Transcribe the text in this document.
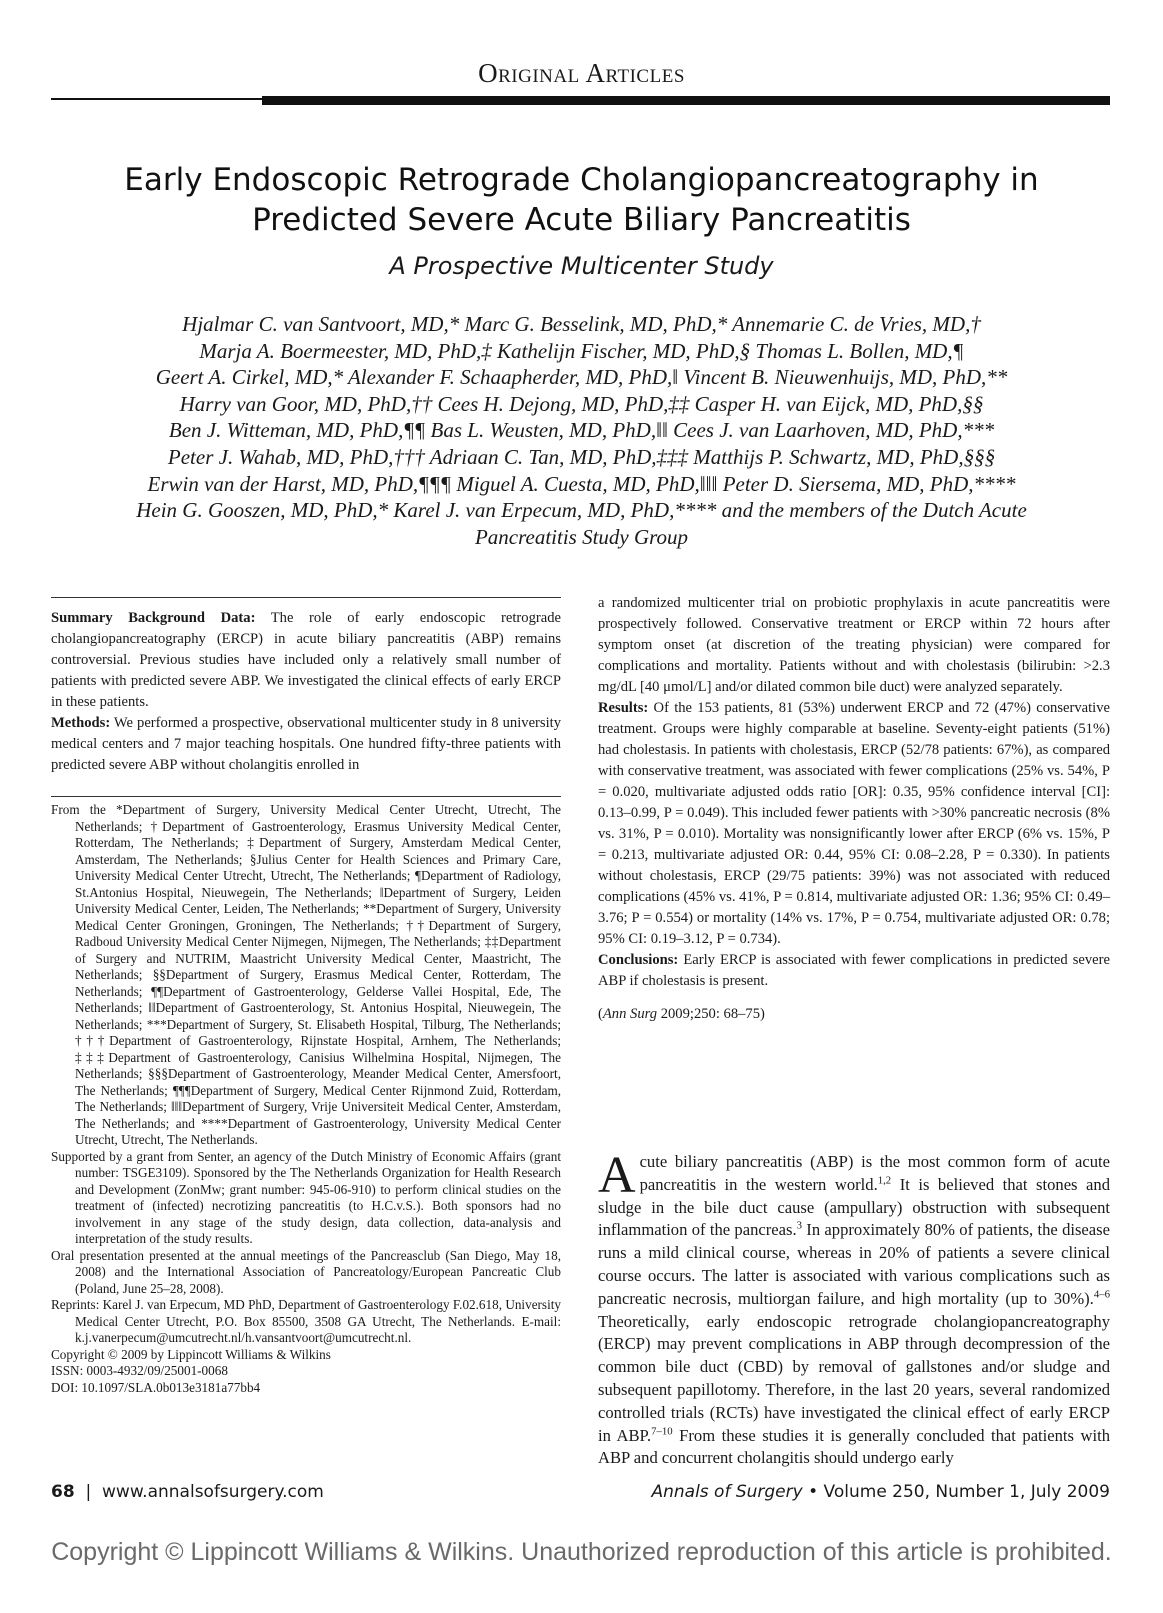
Original Articles
Early Endoscopic Retrograde Cholangiopancreatography in
Predicted Severe Acute Biliary Pancreatitis
A Prospective Multicenter Study
Hjalmar C. van Santvoort, MD,* Marc G. Besselink, MD, PhD,* Annemarie C. de Vries, MD,†
Marja A. Boermeester, MD, PhD,‡ Kathelijn Fischer, MD, PhD,§ Thomas L. Bollen, MD,¶
Geert A. Cirkel, MD,* Alexander F. Schaapherder, MD, PhD,‖ Vincent B. Nieuwenhuijs, MD, PhD,**
Harry van Goor, MD, PhD,†† Cees H. Dejong, MD, PhD,‡‡ Casper H. van Eijck, MD, PhD,§§
Ben J. Witteman, MD, PhD,¶¶ Bas L. Weusten, MD, PhD,‖‖ Cees J. van Laarhoven, MD, PhD,***
Peter J. Wahab, MD, PhD,††† Adriaan C. Tan, MD, PhD,‡‡‡ Matthijs P. Schwartz, MD, PhD,§§§
Erwin van der Harst, MD, PhD,¶¶¶ Miguel A. Cuesta, MD, PhD,‖‖‖ Peter D. Siersema, MD, PhD,****
Hein G. Gooszen, MD, PhD,* Karel J. van Erpecum, MD, PhD,**** and the members of the Dutch Acute
Pancreatitis Study Group

Summary Background Data: The role of early endoscopic retrograde cholangiopancreatography (ERCP) in acute biliary pancreatitis (ABP) remains controversial. Previous studies have included only a relatively small number of patients with predicted severe ABP. We investigated the clinical effects of early ERCP in these patients.

Methods: We performed a prospective, observational multicenter study in 8 university medical centers and 7 major teaching hospitals. One hundred fifty-three patients with predicted severe ABP without cholangitis enrolled in

a randomized multicenter trial on probiotic prophylaxis in acute pancreatitis were prospectively followed. Conservative treatment or ERCP within 72 hours after symptom onset (at discretion of the treating physician) were compared for complications and mortality. Patients without and with cholestasis (bilirubin: >2.3 mg/dL [40 μmol/L] and/or dilated common bile duct) were analyzed separately.

Results: Of the 153 patients, 81 (53%) underwent ERCP and 72 (47%) conservative treatment. Groups were highly comparable at baseline. Seventy-eight patients (51%) had cholestasis. In patients with cholestasis, ERCP (52/78 patients: 67%), as compared with conservative treatment, was associated with fewer complications (25% vs. 54%, P = 0.020, multivariate adjusted odds ratio [OR]: 0.35, 95% confidence interval [CI]: 0.13–0.99, P = 0.049). This included fewer patients with >30% pancreatic necrosis (8% vs. 31%, P = 0.010). Mortality was nonsignificantly lower after ERCP (6% vs. 15%, P = 0.213, multivariate adjusted OR: 0.44, 95% CI: 0.08–2.28, P = 0.330). In patients without cholestasis, ERCP (29/75 patients: 39%) was not associated with reduced complications (45% vs. 41%, P = 0.814, multivariate adjusted OR: 1.36; 95% CI: 0.49–3.76; P = 0.554) or mortality (14% vs. 17%, P = 0.754, multivariate adjusted OR: 0.78; 95% CI: 0.19–3.12, P = 0.734).

Conclusions: Early ERCP is associated with fewer complications in predicted severe ABP if cholestasis is present.

(Ann Surg 2009;250: 68–75)

From the *Department of Surgery, University Medical Center Utrecht, Utrecht, The Netherlands; †Department of Gastroenterology, Erasmus University Medical Center, Rotterdam, The Netherlands; ‡Department of Surgery, Amsterdam Medical Center, Amsterdam, The Netherlands; §Julius Center for Health Sciences and Primary Care, University Medical Center Utrecht, Utrecht, The Netherlands; ¶Department of Radiology, St.Antonius Hospital, Nieuwegein, The Netherlands; ‖Department of Surgery, Leiden University Medical Center, Leiden, The Netherlands; **Department of Surgery, University Medical Center Groningen, Groningen, The Netherlands; ††Department of Surgery, Radboud University Medical Center Nijmegen, Nijmegen, The Netherlands; ‡‡Department of Surgery and NUTRIM, Maastricht University Medical Center, Maastricht, The Netherlands; §§Department of Surgery, Erasmus Medical Center, Rotterdam, The Netherlands; ¶¶Department of Gastroenterology, Gelderse Vallei Hospital, Ede, The Netherlands; ‖‖Department of Gastroenterology, St. Antonius Hospital, Nieuwegein, The Netherlands; ***Department of Surgery, St. Elisabeth Hospital, Tilburg, The Netherlands; †††Department of Gastroenterology, Rijnstate Hospital, Arnhem, The Netherlands; ‡‡‡Department of Gastroenterology, Canisius Wilhelmina Hospital, Nijmegen, The Netherlands; §§§Department of Gastroenterology, Meander Medical Center, Amersfoort, The Netherlands; ¶¶¶Department of Surgery, Medical Center Rijnmond Zuid, Rotterdam, The Netherlands; ‖‖‖Department of Surgery, Vrije Universiteit Medical Center, Amsterdam, The Netherlands; and ****Department of Gastroenterology, University Medical Center Utrecht, Utrecht, The Netherlands.

Supported by a grant from Senter, an agency of the Dutch Ministry of Economic Affairs (grant number: TSGE3109). Sponsored by the The Netherlands Organization for Health Research and Development (ZonMw; grant number: 945-06-910) to perform clinical studies on the treatment of (infected) necrotizing pancreatitis (to H.C.v.S.). Both sponsors had no involvement in any stage of the study design, data collection, data-analysis and interpretation of the study results.

Oral presentation presented at the annual meetings of the Pancreasclub (San Diego, May 18, 2008) and the International Association of Pancreatology/European Pancreatic Club (Poland, June 25–28, 2008).

Reprints: Karel J. van Erpecum, MD PhD, Department of Gastroenterology F.02.618, University Medical Center Utrecht, P.O. Box 85500, 3508 GA Utrecht, The Netherlands. E-mail: k.j.vanerpecum@umcutrecht.nl/h.vansantvoort@umcutrecht.nl.

Copyright © 2009 by Lippincott Williams & Wilkins

ISSN: 0003-4932/09/25001-0068

DOI: 10.1097/SLA.0b013e3181a77bb4

Acute biliary pancreatitis (ABP) is the most common form of acute pancreatitis in the western world.$^{1,2}$ It is believed that stones and sludge in the bile duct cause (ampullary) obstruction with subsequent inflammation of the pancreas.$^3$ In approximately 80% of patients, the disease runs a mild clinical course, whereas in 20% of patients a severe clinical course occurs. The latter is associated with various complications such as pancreatic necrosis, multiorgan failure, and high mortality (up to 30%).$^{4-6}$ Theoretically, early endoscopic retrograde cholangiopancreatography (ERCP) may prevent complications in ABP through decompression of the common bile duct (CBD) by removal of gallstones and/or sludge and subsequent papillotomy. Therefore, in the last 20 years, several randomized controlled trials (RCTs) have investigated the clinical effect of early ERCP in ABP.$^{7-10}$ From these studies it is generally concluded that patients with ABP and concurrent cholangitis should undergo early

68 | www.annalsofsurgery.com	Annals of Surgery • Volume 250, Number 1, July 2009
Copyright © Lippincott Williams & Wilkins. Unauthorized reproduction of this article is prohibited.
